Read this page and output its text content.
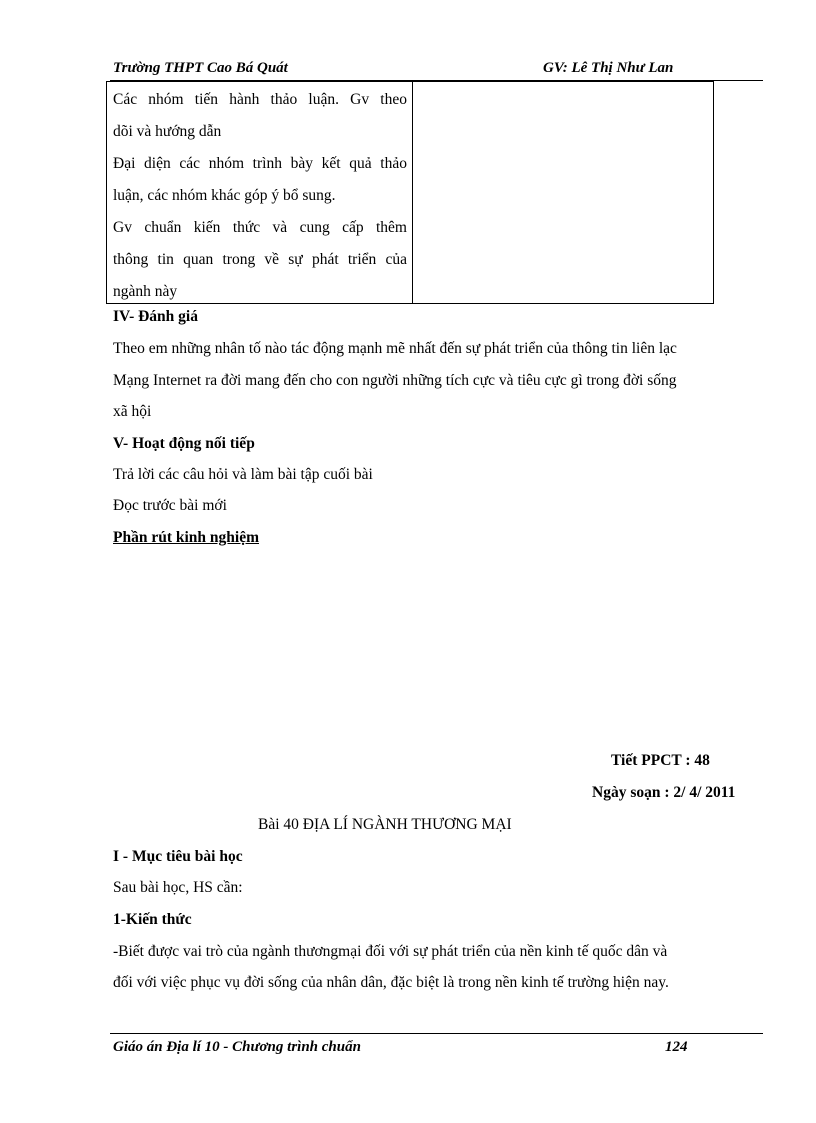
Trường THPT Cao Bá Quát	GV: Lê Thị Như Lan
Các nhóm tiến hành thảo luận. Gv theo
dõi và hướng dẫn
Đại diện các nhóm trình bày kết quả thảo
luận, các nhóm khác góp ý bổ sung.
Gv chuẩn kiến thức và cung cấp thêm
thông tin quan trong về sự phát triển của
ngành này
IV- Đánh giá
Theo em những nhân tố nào tác động mạnh mẽ nhất đến sự phát triển của thông tin liên lạc
Mạng Internet ra đời mang đến cho con người những tích cực và tiêu cực gì trong đời sống
xã hội
V- Hoạt động nối tiếp
Trả lời các câu hỏi và làm bài tập cuối bài
Đọc trước bài mới
Phần rút kinh nghiệm
Tiết PPCT : 48
Ngày soạn : 2/ 4/ 2011
Bài 40 ĐỊA LÍ NGÀNH THƯƠNG MẠI
I - Mục tiêu bài học
Sau bài học, HS cần:
1-Kiến thức
-Biết được vai trò của ngành thươngmại đối với sự phát triển của nền kinh tế quốc dân và
đối với việc phục vụ đời sống của nhân dân, đặc biệt là trong nền kinh tế trường hiện nay.
Giáo án Địa lí 10 - Chương trình chuẩn	124
